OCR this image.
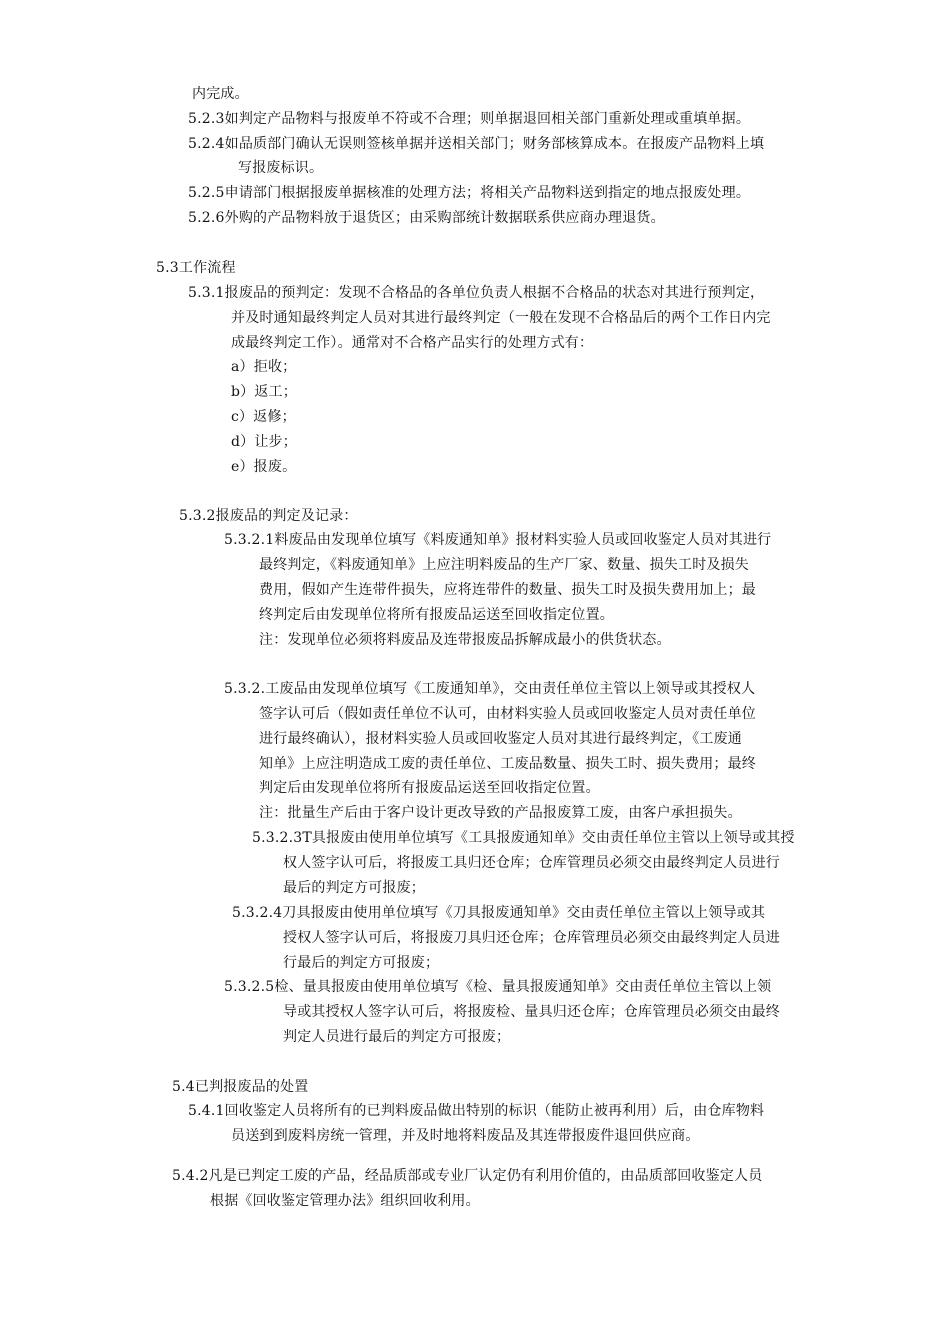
内完成。
5.2.3如判定产品物料与报废单不符或不合理；则单据退回相关部门重新处理或重填单据。
5.2.4如品质部门确认无误则签核单据并送相关部门；财务部核算成本。在报废产品物料上填
写报废标识。
5.2.5申请部门根据报废单据核准的处理方法；将相关产品物料送到指定的地点报废处理。
5.2.6外购的产品物料放于退货区；由采购部统计数据联系供应商办理退货。
5.3工作流程
5.3.1报废品的预判定：发现不合格品的各单位负责人根据不合格品的状态对其进行预判定，
并及时通知最终判定人员对其进行最终判定（一般在发现不合格品后的两个工作日内完
成最终判定工作）。通常对不合格产品实行的处理方式有：
a）拒收；
b）返工；
c）返修；
d）让步；
e）报废。
5.3.2报废品的判定及记录：
5.3.2.1料废品由发现单位填写《料废通知单》报材料实验人员或回收鉴定人员对其进行
最终判定，《料废通知单》上应注明料废品的生产厂家、数量、损失工时及损失
费用，假如产生连带件损失，应将连带件的数量、损失工时及损失费用加上；最
终判定后由发现单位将所有报废品运送至回收指定位置。
注：发现单位必须将料废品及连带报废品拆解成最小的供货状态。
5.3.2.工废品由发现单位填写《工废通知单》，交由责任单位主管以上领导或其授权人
签字认可后（假如责任单位不认可，由材料实验人员或回收鉴定人员对责任单位
进行最终确认），报材料实验人员或回收鉴定人员对其进行最终判定，《工废通
知单》上应注明造成工废的责任单位、工废品数量、损失工时、损失费用；最终
判定后由发现单位将所有报废品运送至回收指定位置。
注：批量生产后由于客户设计更改导致的产品报废算工废，由客户承担损失。
5.3.2.3T具报废由使用单位填写《工具报废通知单》交由责任单位主管以上领导或其授
权人签字认可后，将报废工具归还仓库；仓库管理员必须交由最终判定人员进行
最后的判定方可报废；
5.3.2.4刀具报废由使用单位填写《刀具报废通知单》交由责任单位主管以上领导或其
授权人签字认可后，将报废刀具归还仓库；仓库管理员必须交由最终判定人员进
行最后的判定方可报废；
5.3.2.5检、量具报废由使用单位填写《检、量具报废通知单》交由责任单位主管以上领
导或其授权人签字认可后，将报废检、量具归还仓库；仓库管理员必须交由最终
判定人员进行最后的判定方可报废；
5.4已判报废品的处置
5.4.1回收鉴定人员将所有的已判料废品做出特别的标识（能防止被再利用）后，由仓库物料
员送到到废料房统一管理，并及时地将料废品及其连带报废件退回供应商。
5.4.2凡是已判定工废的产品，经品质部或专业厂认定仍有利用价值的，由品质部回收鉴定人员
根据《回收鉴定管理办法》组织回收利用。
